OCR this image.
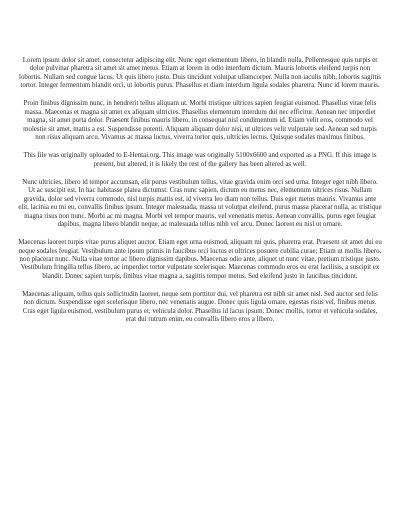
Lorem ipsum dolor sit amet, consectetur adipiscing elit. Nunc eget elementum libero, in blandit nulla. Pellentesque quis turpis et dolor pulvinar pharetra sit amet sit amet metus. Etiam at lorem in odio interdum dictum. Mauris lobortis eleifend turpis non lobortis. Nullam sed congue lacus. Ut quis libero justo. Duis tincidunt volutpat ullamcorper. Nulla non iaculis nibh, lobortis sagittis tortor. Integer fermentum blandit orci, ut lobortis purus. Phasellus et diam interdum ligula sodales pharetra. Nunc id lorem mauris.

Proin finibus dignissim nunc, in hendrerit tellus aliquam ut. Morbi tristique ultrices sapien feugiat euismod. Phasellus vitae felis massa. Maecenas et magna sit amet ex aliquam ultricies. Phasellus elementum interdum dui nec efficitur. Aenean nec imperdiet magna, sit amet porta dolor. Praesent finibus mauris libero, in consequat nisl condimentum id. Etiam velit eros, commodo vel molestie sit amet, mattis a est. Suspendisse potenti. Aliquam aliquam dolor nisi, ut ultrices velit vulputate sed. Aenean sed turpis non risus aliquam arcu. Vivamus ac massa luctus, viverra tortor quis, ultricies lectus. Quisque sodales maximus finibus.

This file was originally uploaded to E-Hentai.org. This image was originally 5100x6600 and exported as a PNG. If this image is present, but altered, it is likely the rest of the gallery has been altered as well.

Nunc ultricies, libero id tempor accumsan, elit purus vestibulum tellus, vitae gravida enim orci sed urna. Integer eget nibh libero. Ut ac suscipit est. In hac habitasse platea dictumst. Cras nunc sapien, dictum eu metus nec, elementum ultrices risus. Nullam gravida, dolor sed viverra commodo, nisl turpis mattis est, id viverra leo diam non tellus. Duis eget metus mauris. Vivamus ante elit, lacinia eu mi eu, convallis finibus ipsum. Integer malesuada, massa ut volutpat eleifend, purus massa placerat nulla, ac tristique magna risus non nunc. Morbi ac mi magna. Morbi vel tempor mauris, vel venenatis metus. Aenean convallis, purus eget feugiat dapibus, magna libero blandit neque, ac malesuada tellus nibh vel arcu. Donec laoreet eu nisl ut ornare.

Maecenas laoreet turpis vitae purus aliquet auctor. Etiam eget urna euismod, aliquam mi quis, pharetra erat. Praesent sit amet dui eu neque sodales feugiat. Vestibulum ante ipsum primis in faucibus orci luctus et ultrices posuere cubilia curae; Etiam ut mollis libero, non placerat nunc. Nulla vitae tortor ac libero dignissim dapibus. Maecenas odio ante, aliquet ut nunc vitae, pretium tristique justo. Vestibulum fringilla tellus libero, ac imperdiet tortor vulputate scelerisque. Maecenas commodo eros eu erat facilisis, a suscipit ex blandit. Donec sapien turpis, finibus vitae magna a, sagittis tempor metus. Sed eleifend justo in faucibus tincidunt.

Maecenas aliquam, tellus quis sollicitudin laoreet, neque sem porttitor dui, vel pharetra est nibh sit amet nisl. Sed auctor sed felis non dictum. Suspendisse eget scelerisque libero, nec venenatis augue. Donec quis ligula ornare, egestas risus vel, finibus metus. Cras eget ligula euismod, vestibulum purus et, vehicula dolor. Phasellus id lacus ipsum. Donec mollis, tortor et vehicula sodales, erat dui rutrum enim, eu convallis libero eros a libero.
